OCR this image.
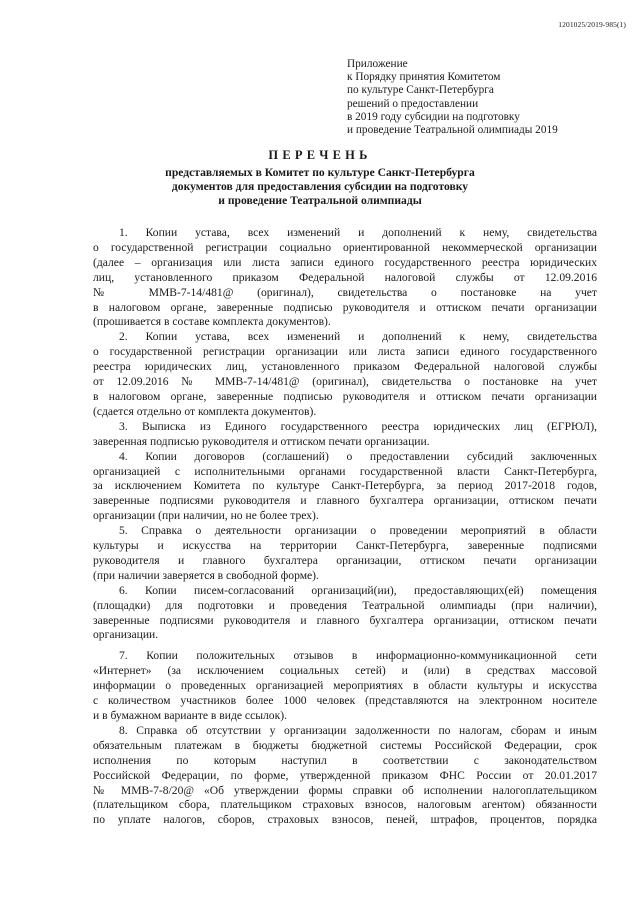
1201025/2019-985(1)
Приложение
к Порядку принятия Комитетом
по культуре Санкт-Петербурга
решений о предоставлении
в 2019 году субсидии на подготовку
и проведение Театральной олимпиады 2019
ПЕРЕЧЕНЬ
представляемых в Комитет по культуре Санкт-Петербурга
документов для предоставления субсидии на подготовку
и проведение Театральной олимпиады
1. Копии устава, всех изменений и дополнений к нему, свидетельства
о государственной регистрации социально ориентированной некоммерческой организации
(далее – организация или листа записи единого государственного реестра юридических
лиц, установленного приказом Федеральной налоговой службы от 12.09.2016
№ ММВ-7-14/481@ (оригинал), свидетельства о постановке на учет
в налоговом органе, заверенные подписью руководителя и оттиском печати организации
(прошивается в составе комплекта документов).
2. Копии устава, всех изменений и дополнений к нему, свидетельства
о государственной регистрации организации или листа записи единого государственного
реестра юридических лиц, установленного приказом Федеральной налоговой службы
от 12.09.2016 № ММВ-7-14/481@ (оригинал), свидетельства о постановке на учет
в налоговом органе, заверенные подписью руководителя и оттиском печати организации
(сдается отдельно от комплекта документов).
3. Выписка из Единого государственного реестра юридических лиц (ЕГРЮЛ),
заверенная подписью руководителя и оттиском печати организации.
4. Копии договоров (соглашений) о предоставлении субсидий заключенных
организацией с исполнительными органами государственной власти Санкт-Петербурга,
за исключением Комитета по культуре Санкт-Петербурга, за период 2017-2018 годов,
заверенные подписями руководителя и главного бухгалтера организации, оттиском печати
организации (при наличии, но не более трех).
5. Справка о деятельности организации о проведении мероприятий в области
культуры и искусства на территории Санкт-Петербурга, заверенные подписями
руководителя и главного бухгалтера организации, оттиском печати организации
(при наличии заверяется в свободной форме).
6. Копии писем-согласований организаций(ии), предоставляющих(ей) помещения
(площадки) для подготовки и проведения Театральной олимпиады (при наличии),
заверенные подписями руководителя и главного бухгалтера организации, оттиском печати
организации.
7. Копии положительных отзывов в информационно-коммуникационной сети
«Интернет» (за исключением социальных сетей) и (или) в средствах массовой
информации о проведенных организацией мероприятиях в области культуры и искусства
с количеством участников более 1000 человек (представляются на электронном носителе
и в бумажном варианте в виде ссылок).
8. Справка об отсутствии у организации задолженности по налогам, сборам и иным
обязательным платежам в бюджеты бюджетной системы Российской Федерации, срок
исполнения по которым наступил в соответствии с законодательством
Российской Федерации, по форме, утвержденной приказом ФНС России от 20.01.2017
№ ММВ-7-8/20@ «Об утверждении формы справки об исполнении налогоплательщиком
(плательщиком сбора, плательщиком страховых взносов, налоговым агентом) обязанности
по уплате налогов, сборов, страховых взносов, пеней, штрафов, процентов, порядка
